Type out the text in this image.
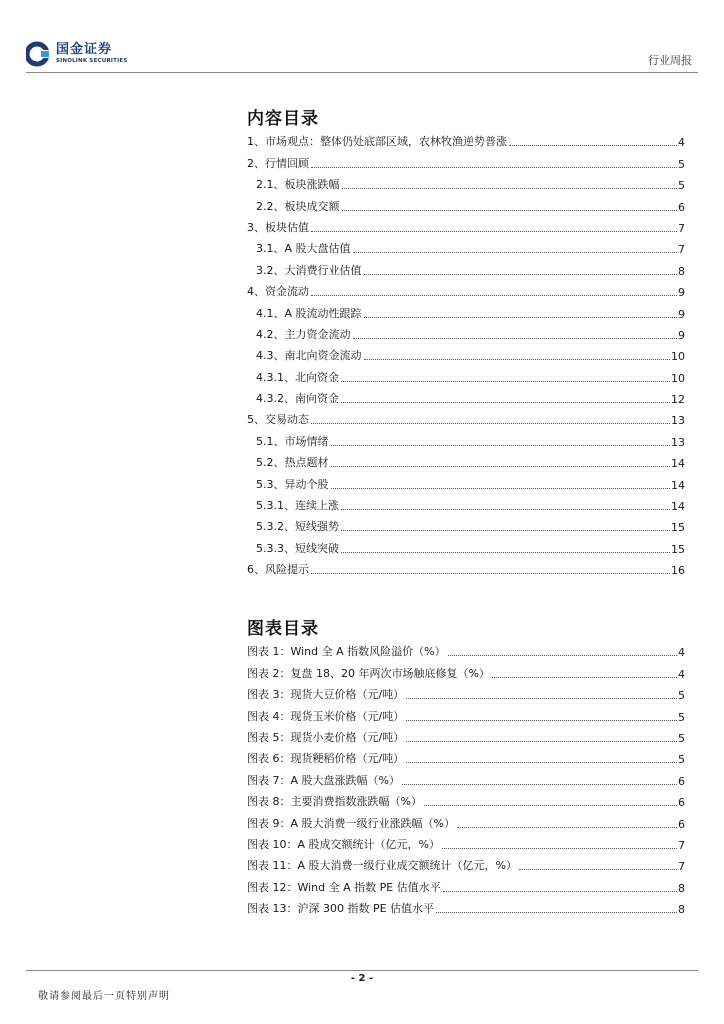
国金证券
SINOLINK SECURITIES	行业周报
内容目录
1、市场观点：整体仍处底部区域，农林牧渔逆势普涨	4
2、行情回顾	5
2.1、板块涨跌幅	5
2.2、板块成交额	6
3、板块估值	7
3.1、A 股大盘估值	7
3.2、大消费行业估值	8
4、资金流动	9
4.1、A 股流动性跟踪	9
4.2、主力资金流动	9
4.3、南北向资金流动	10
4.3.1、北向资金	10
4.3.2、南向资金	12
5、交易动态	13
5.1、市场情绪	13
5.2、热点题材	14
5.3、异动个股	14
5.3.1、连续上涨	14
5.3.2、短线强势	15
5.3.3、短线突破	15
6、风险提示	16
图表目录
图表 1：Wind 全 A 指数风险溢价（%）	4
图表 2：复盘 18、20 年两次市场触底修复（%）	4
图表 3：现货大豆价格（元/吨）	5
图表 4：现货玉米价格（元/吨）	5
图表 5：现货小麦价格（元/吨）	5
图表 6：现货粳稻价格（元/吨）	5
图表 7：A 股大盘涨跌幅（%）	6
图表 8：主要消费指数涨跌幅（%）	6
图表 9：A 股大消费一级行业涨跌幅（%）	6
图表 10：A 股成交额统计（亿元，%）	7
图表 11：A 股大消费一级行业成交额统计（亿元，%）	7
图表 12：Wind 全 A 指数 PE 估值水平	8
图表 13：沪深 300 指数 PE 估值水平	8
- 2 -
敬请参阅最后一页特别声明
